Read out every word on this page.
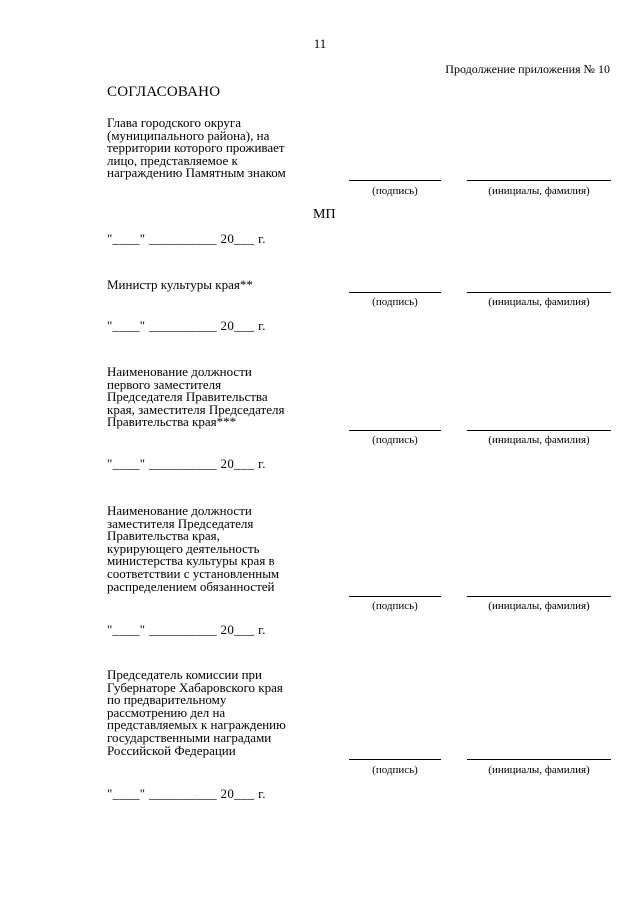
11
Продолжение приложения № 10
СОГЛАСОВАНО
Глава городского округа
(муниципального района), на
территории которого проживает
лицо, представляемое к
награждению Памятным знаком
(подпись)	(инициалы, фамилия)
МП
"____" __________ 20___ г.
Министр культуры края**
(подпись)	(инициалы, фамилия)
"____" __________ 20___ г.
Наименование должности
первого заместителя
Председателя Правительства
края, заместителя Председателя
Правительства края***
(подпись)	(инициалы, фамилия)
"____" __________ 20___ г.
Наименование должности
заместителя Председателя
Правительства края,
курирующего деятельность
министерства культуры края в
соответствии с установленным
распределением обязанностей
(подпись)	(инициалы, фамилия)
"____" __________ 20___ г.
Председатель комиссии при
Губернаторе Хабаровского края
по предварительному
рассмотрению дел на
представляемых к награждению
государственными наградами
Российской Федерации
(подпись)	(инициалы, фамилия)
"____" __________ 20___ г.
